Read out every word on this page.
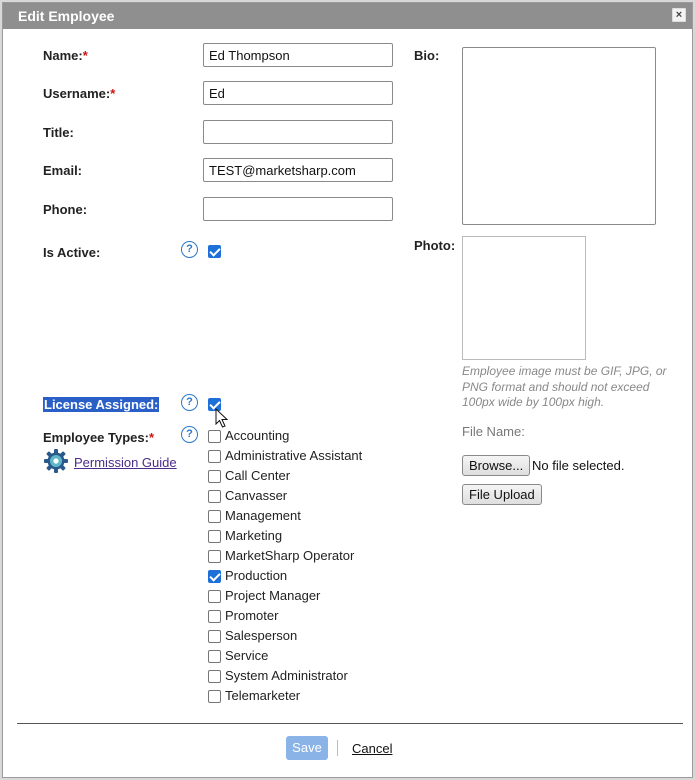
Edit Employee	×
Name:*
Ed Thompson
Username:*
Ed
Title:
Email:
TEST@marketsharp.com
Phone:
Is Active:	?
License Assigned:	?
Employee Types:*	?
Permission Guide
Accounting
Administrative Assistant
Call Center
Canvasser
Management
Marketing
MarketSharp Operator
Production
Project Manager
Promoter
Salesperson
Service
System Administrator
Telemarketer
Bio:
Photo:
Employee image must be GIF, JPG, or PNG format and should not exceed 100px wide by 100px high.
File Name:
Browse... No file selected.
File Upload
Save	Cancel
